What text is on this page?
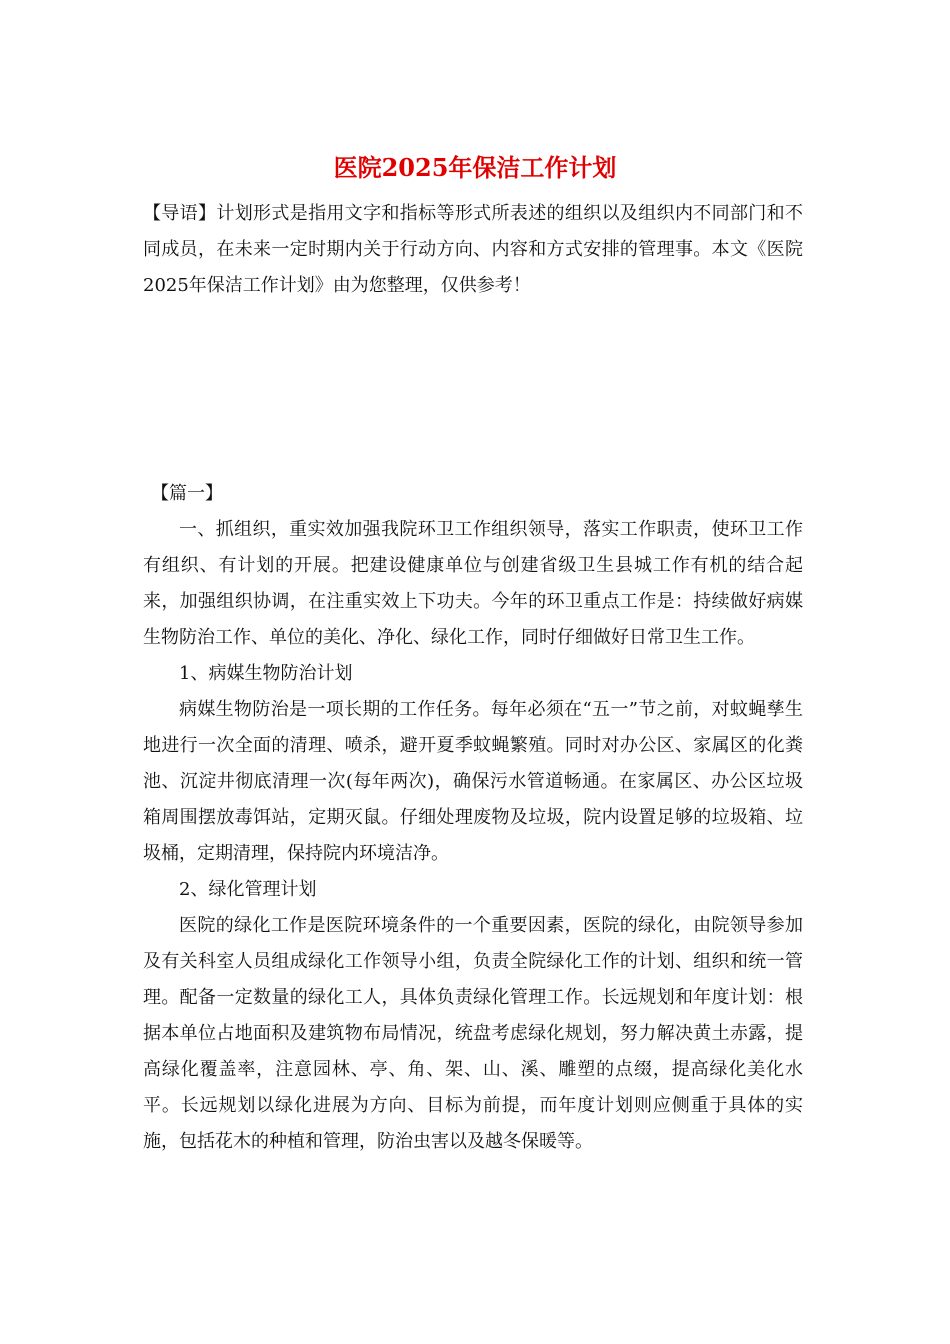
医院2025年保洁工作计划

【导语】计划形式是指用文字和指标等形式所表述的组织以及组织内不同部门和不同成员，在未来一定时期内关于行动方向、内容和方式安排的管理事。本文《医院2025年保洁工作计划》由为您整理，仅供参考！

【篇一】

一、抓组织，重实效加强我院环卫工作组织领导，落实工作职责，使环卫工作有组织、有计划的开展。把建设健康单位与创建省级卫生县城工作有机的结合起来，加强组织协调，在注重实效上下功夫。今年的环卫重点工作是：持续做好病媒生物防治工作、单位的美化、净化、绿化工作，同时仔细做好日常卫生工作。

1、病媒生物防治计划

病媒生物防治是一项长期的工作任务。每年必须在“五一”节之前，对蚊蝇孳生地进行一次全面的清理、喷杀，避开夏季蚊蝇繁殖。同时对办公区、家属区的化粪池、沉淀井彻底清理一次(每年两次)，确保污水管道畅通。在家属区、办公区垃圾箱周围摆放毒饵站，定期灭鼠。仔细处理废物及垃圾，院内设置足够的垃圾箱、垃圾桶，定期清理，保持院内环境洁净。

2、绿化管理计划

医院的绿化工作是医院环境条件的一个重要因素，医院的绿化，由院领导参加及有关科室人员组成绿化工作领导小组，负责全院绿化工作的计划、组织和统一管理。配备一定数量的绿化工人，具体负责绿化管理工作。长远规划和年度计划：根据本单位占地面积及建筑物布局情况，统盘考虑绿化规划，努力解决黄土赤露，提高绿化覆盖率，注意园林、亭、角、架、山、溪、雕塑的点缀，提高绿化美化水平。长远规划以绿化进展为方向、目标为前提，而年度计划则应侧重于具体的实施，包括花木的种植和管理，防治虫害以及越冬保暖等。
